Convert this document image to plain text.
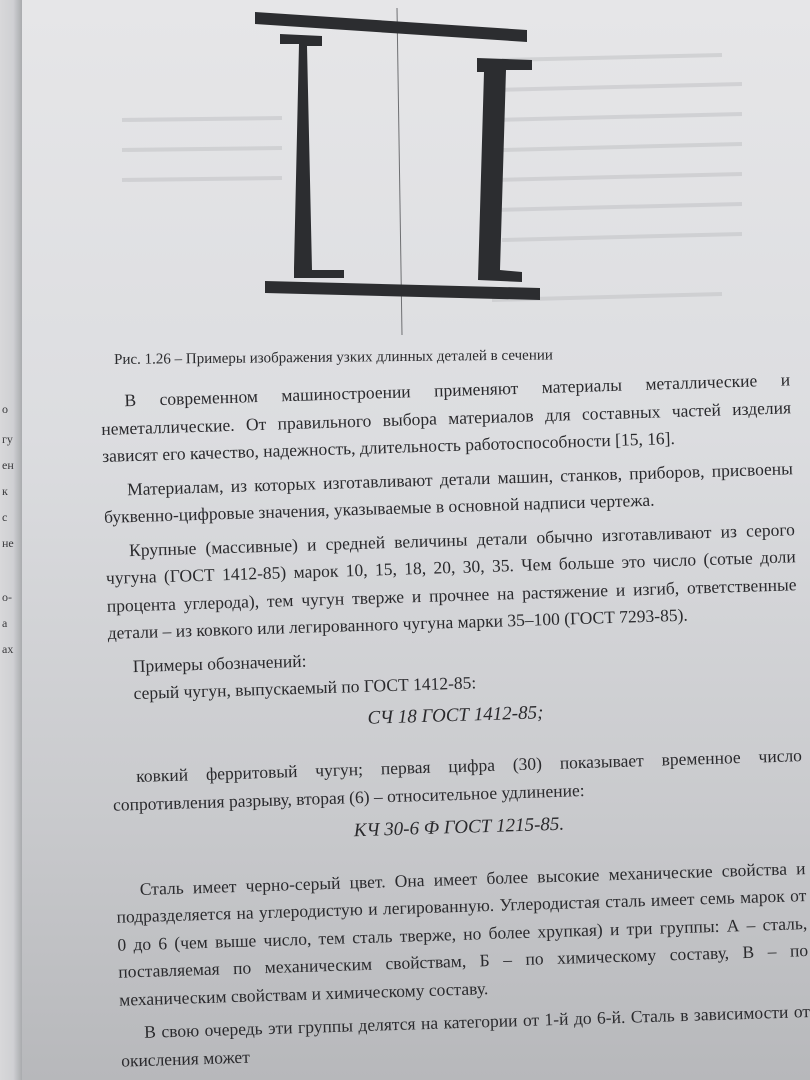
о
гу
ен
к
с
не
о-
а
ах
Рис. 1.26 – Примеры изображения узких длинных деталей в сечении

В современном машиностроении применяют материалы металлические и неметаллические. От правильного выбора материалов для составных частей изделия зависят его качество, надежность, длительность работоспособности [15, 16].

Материалам, из которых изготавливают детали машин, станков, приборов, присвоены буквенно-цифровые значения, указываемые в основной надписи чертежа.

Крупные (массивные) и средней величины детали обычно изготавливают из серого чугуна (ГОСТ 1412-85) марок 10, 15, 18, 20, 30, 35. Чем больше это число (сотые доли процента углерода), тем чугун тверже и прочнее на растяжение и изгиб, ответственные детали – из ковкого или легированного чугуна марки 35–100 (ГОСТ 7293-85).

Примеры обозначений:

серый чугун, выпускаемый по ГОСТ 1412-85:

СЧ 18 ГОСТ 1412-85;

ковкий ферритовый чугун; первая цифра (30) показывает временное число сопротивления разрыву, вторая (6) – относительное удлинение:

КЧ 30-6 Ф ГОСТ 1215-85.

Сталь имеет черно-серый цвет. Она имеет более высокие механические свойства и подразделяется на углеродистую и легированную. Углеродистая сталь имеет семь марок от 0 до 6 (чем выше число, тем сталь тверже, но более хрупкая) и три группы: А – сталь, поставляемая по механическим свойствам, Б – по химическому составу, В – по механическим свойствам и химическому составу.

В свою очередь эти группы делятся на категории от 1-й до 6-й. Сталь в зависимости от окисления может
